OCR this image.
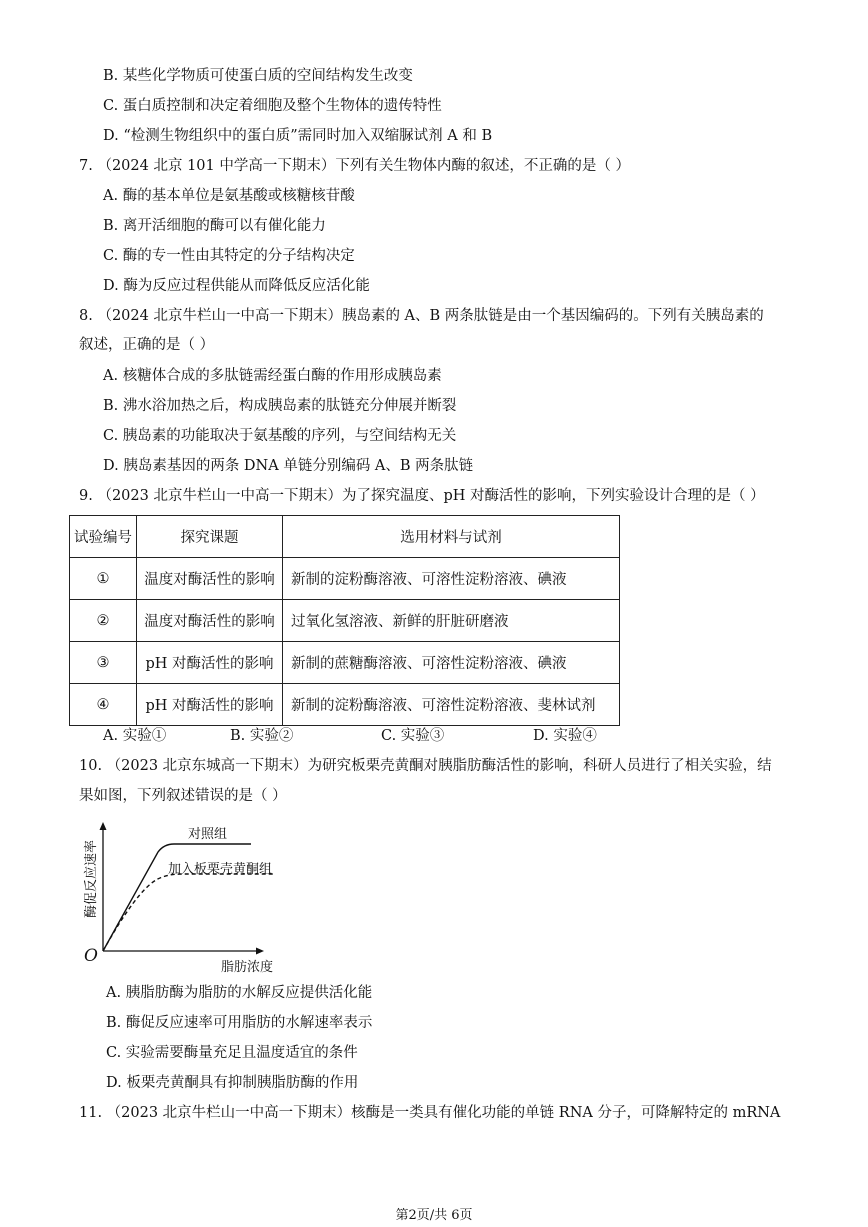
B. 某些化学物质可使蛋白质的空间结构发生改变
C. 蛋白质控制和决定着细胞及整个生物体的遗传特性
D. “检测生物组织中的蛋白质”需同时加入双缩脲试剂 A 和 B
7. （2024 北京 101 中学高一下期末）下列有关生物体内酶的叙述，不正确的是（ ）
A. 酶的基本单位是氨基酸或核糖核苷酸
B. 离开活细胞的酶可以有催化能力
C. 酶的专一性由其特定的分子结构决定
D. 酶为反应过程供能从而降低反应活化能
8. （2024 北京牛栏山一中高一下期末）胰岛素的 A、B 两条肽链是由一个基因编码的。下列有关胰岛素的
叙述，正确的是（ ）
A. 核糖体合成的多肽链需经蛋白酶的作用形成胰岛素
B. 沸水浴加热之后，构成胰岛素的肽链充分伸展并断裂
C. 胰岛素的功能取决于氨基酸的序列，与空间结构无关
D. 胰岛素基因的两条 DNA 单链分别编码 A、B 两条肽链
9. （2023 北京牛栏山一中高一下期末）为了探究温度、pH 对酶活性的影响，下列实验设计合理的是（ ）
试验编号	探究课题	选用材料与试剂
①	温度对酶活性的影响	新制的淀粉酶溶液、可溶性淀粉溶液、碘液
②	温度对酶活性的影响	过氧化氢溶液、新鲜的肝脏研磨液
③	pH 对酶活性的影响	新制的蔗糖酶溶液、可溶性淀粉溶液、碘液
④	pH 对酶活性的影响	新制的淀粉酶溶液、可溶性淀粉溶液、斐林试剂
A. 实验①	B. 实验②	C. 实验③	D. 实验④
10. （2023 北京东城高一下期末）为研究板栗壳黄酮对胰脂肪酶活性的影响，科研人员进行了相关实验，结
果如图，下列叙述错误的是（ ）
对照组
加入板栗壳黄酮组
O
脂肪浓度
酶促反应速率
A. 胰脂肪酶为脂肪的水解反应提供活化能
B. 酶促反应速率可用脂肪的水解速率表示
C. 实验需要酶量充足且温度适宜的条件
D. 板栗壳黄酮具有抑制胰脂肪酶的作用
11. （2023 北京牛栏山一中高一下期末）核酶是一类具有催化功能的单链 RNA 分子，可降解特定的 mRNA
第2页/共 6页
